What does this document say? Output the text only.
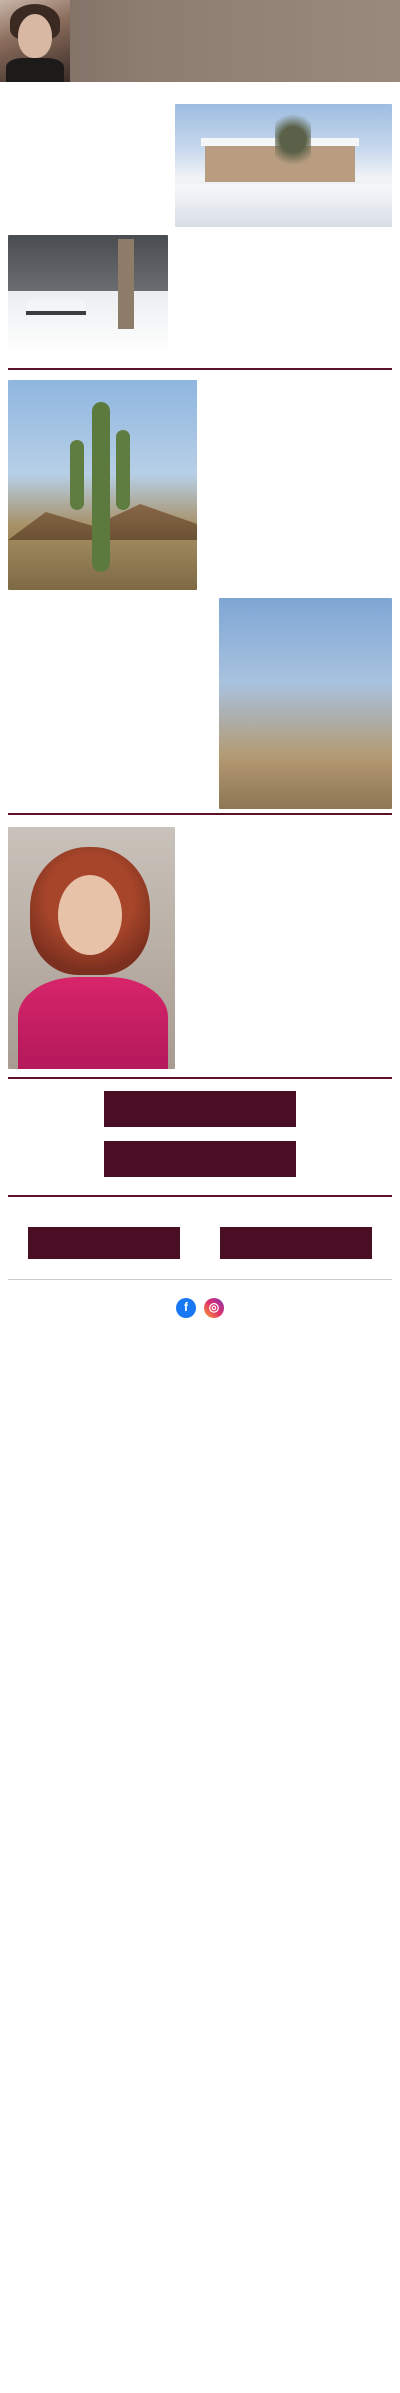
f	◎
